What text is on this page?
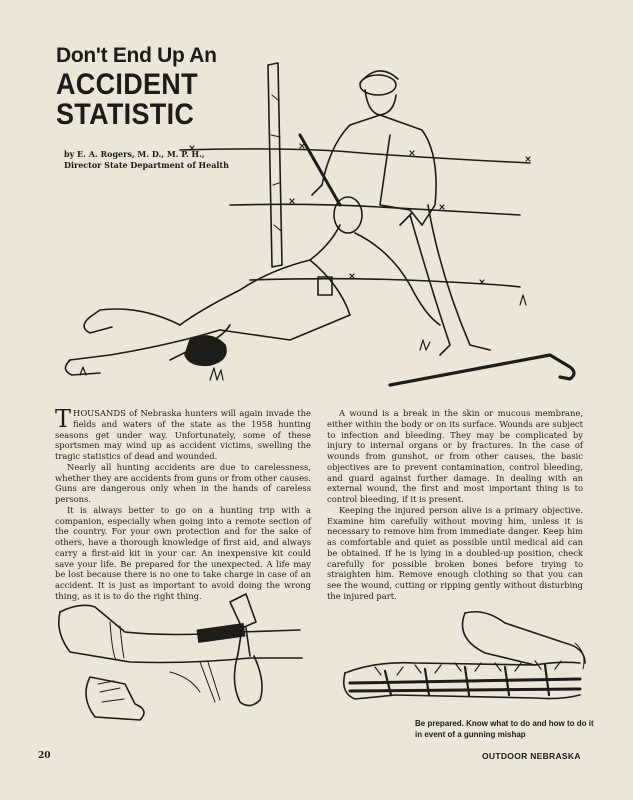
Don't End Up An
ACCIDENT
STATISTIC
by E. A. Rogers, M. D., M. P. H.,
Director State Department of Health

THOUSANDS of Nebraska hunters will again invade the fields and waters of the state as the 1958 hunting seasons get under way. Unfortunately, some of these sportsmen may wind up as accident victims, swelling the tragic statistics of dead and wounded.

Nearly all hunting accidents are due to carelessness, whether they are accidents from guns or from other causes. Guns are dangerous only when in the hands of careless persons.

It is always better to go on a hunting trip with a companion, especially when going into a remote section of the country. For your own protection and for the sake of others, have a thorough knowledge of first aid, and always carry a first-aid kit in your car. An inexpensive kit could save your life. Be prepared for the unexpected. A life may be lost because there is no one to take charge in case of an accident. It is just as important to avoid doing the wrong thing, as it is to do the right thing.

A wound is a break in the skin or mucous membrane, either within the body or on its surface. Wounds are subject to infection and bleeding. They may be complicated by injury to internal organs or by fractures. In the case of wounds from gunshot, or from other causes, the basic objectives are to prevent contamination, control bleeding, and guard against further damage. In dealing with an external wound, the first and most important thing is to control bleeding, if it is present.

Keeping the injured person alive is a primary objective. Examine him carefully without moving him, unless it is necessary to remove him from immediate danger. Keep him as comfortable and quiet as possible until medical aid can be obtained. If he is lying in a doubled-up position, check carefully for possible broken bones before trying to straighten him. Remove enough clothing so that you can see the wound, cutting or ripping gently without disturbing the injured part.

Be prepared. Know what to do and how to do it in event of a gunning mishap
20	OUTDOOR NEBRASKA
